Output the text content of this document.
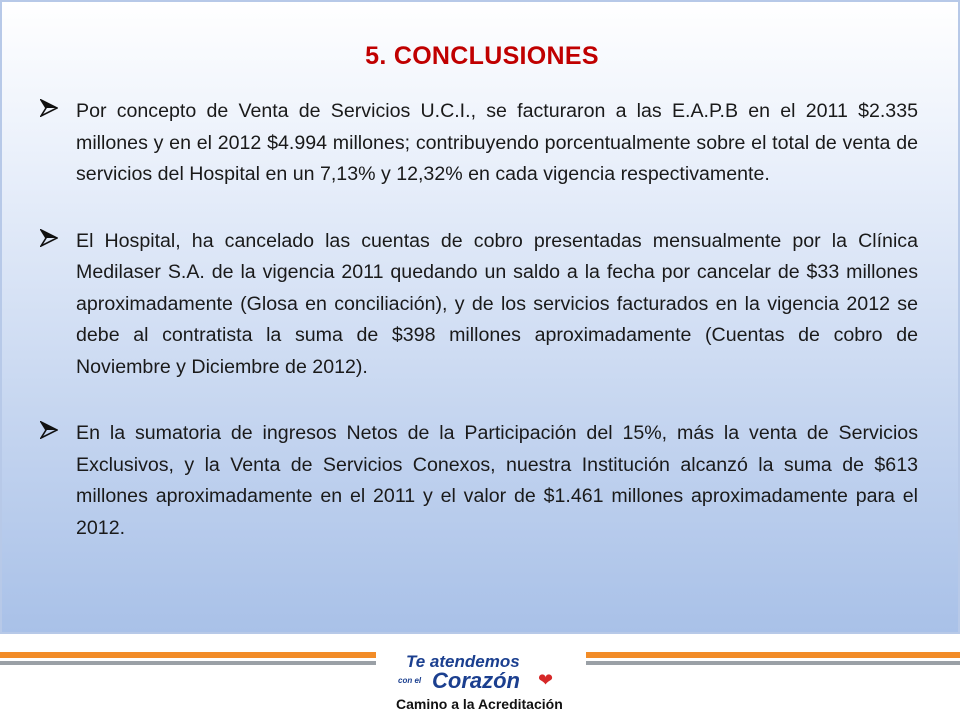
5. CONCLUSIONES
Por concepto de Venta de Servicios U.C.I., se facturaron a las E.A.P.B en el 2011 $2.335 millones y en el 2012 $4.994 millones; contribuyendo porcentualmente sobre el total de venta de servicios del Hospital en un 7,13% y 12,32% en cada vigencia respectivamente.
El Hospital, ha cancelado las cuentas de cobro presentadas mensualmente por la Clínica Medilaser S.A. de la vigencia 2011 quedando un saldo a la fecha por cancelar de $33 millones aproximadamente (Glosa en conciliación), y de los servicios facturados en la vigencia 2012 se debe al contratista la suma de $398 millones aproximadamente (Cuentas de cobro de Noviembre y Diciembre de 2012).
En la sumatoria de ingresos Netos de la Participación del 15%, más la venta de Servicios Exclusivos, y la Venta de Servicios Conexos, nuestra Institución alcanzó la suma de $613 millones aproximadamente en el 2011 y el valor de $1.461 millones aproximadamente para el 2012.
Te atendemos
con el Corazón ❤
Camino a la Acreditación
